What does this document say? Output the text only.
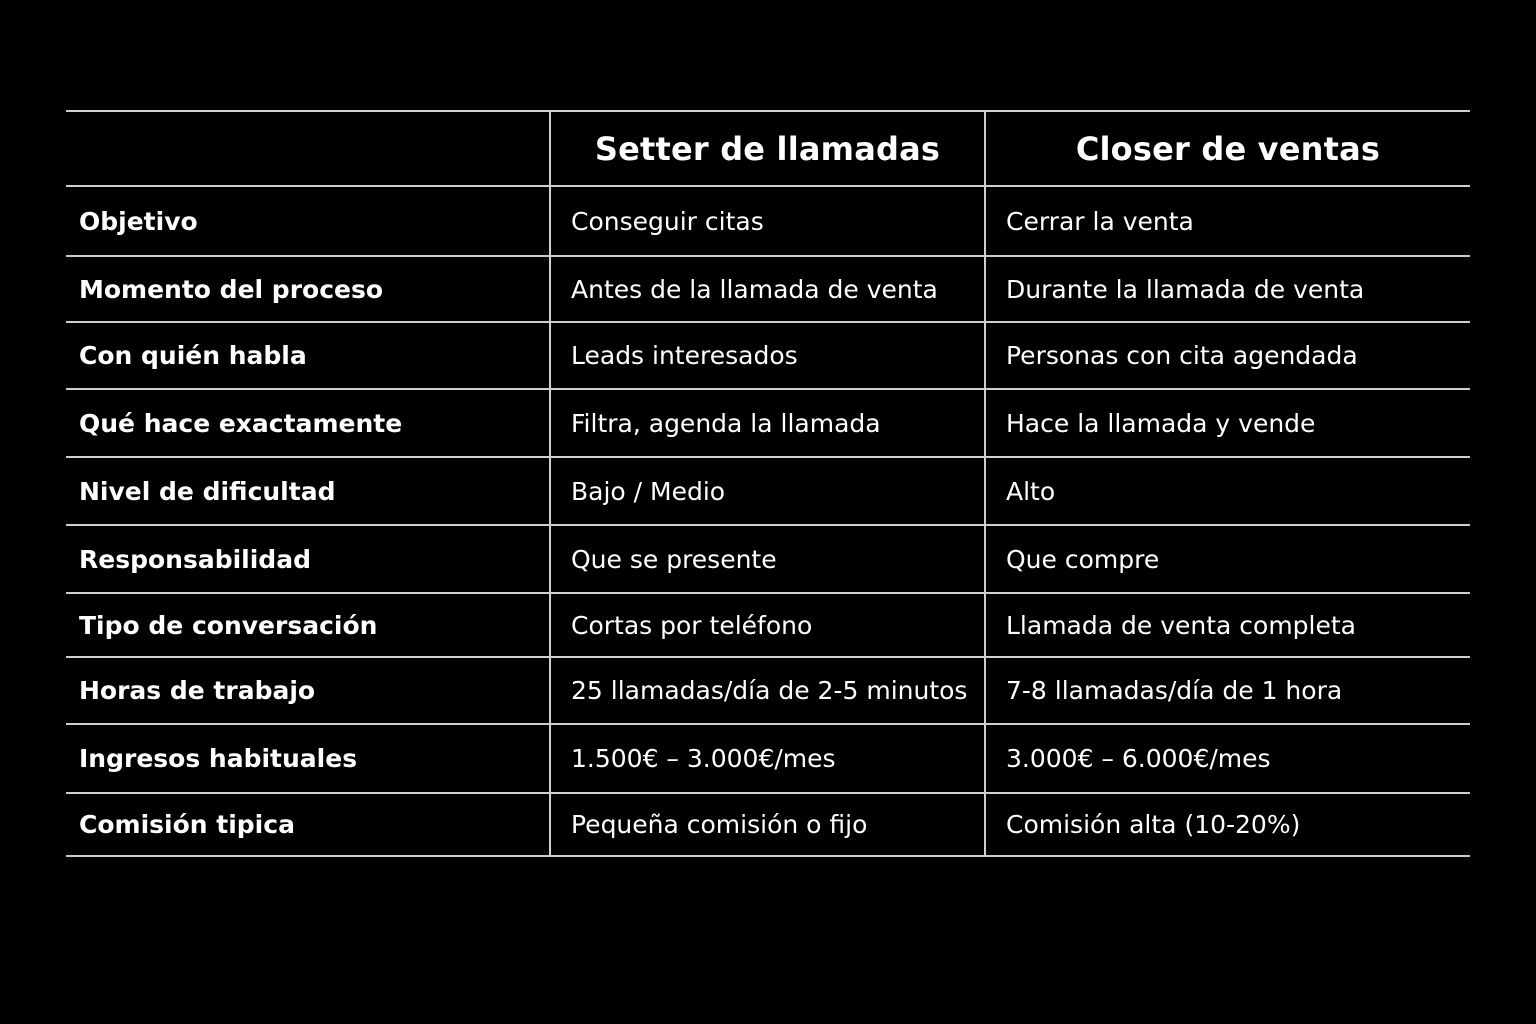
	Setter de llamadas	Closer de ventas
Objetivo	Conseguir citas	Cerrar la venta
Momento del proceso	Antes de la llamada de venta	Durante la llamada de venta
Con quién habla	Leads interesados	Personas con cita agendada
Qué hace exactamente	Filtra, agenda la llamada	Hace la llamada y vende
Nivel de dificultad	Bajo / Medio	Alto
Responsabilidad	Que se presente	Que compre
Tipo de conversación	Cortas por teléfono	Llamada de venta completa
Horas de trabajo	25 llamadas/día de 2-5 minutos	7-8 llamadas/día de 1 hora
Ingresos habituales	1.500€ – 3.000€/mes	3.000€ – 6.000€/mes
Comisión tipica	Pequeña comisión o fijo	Comisión alta (10-20%)
